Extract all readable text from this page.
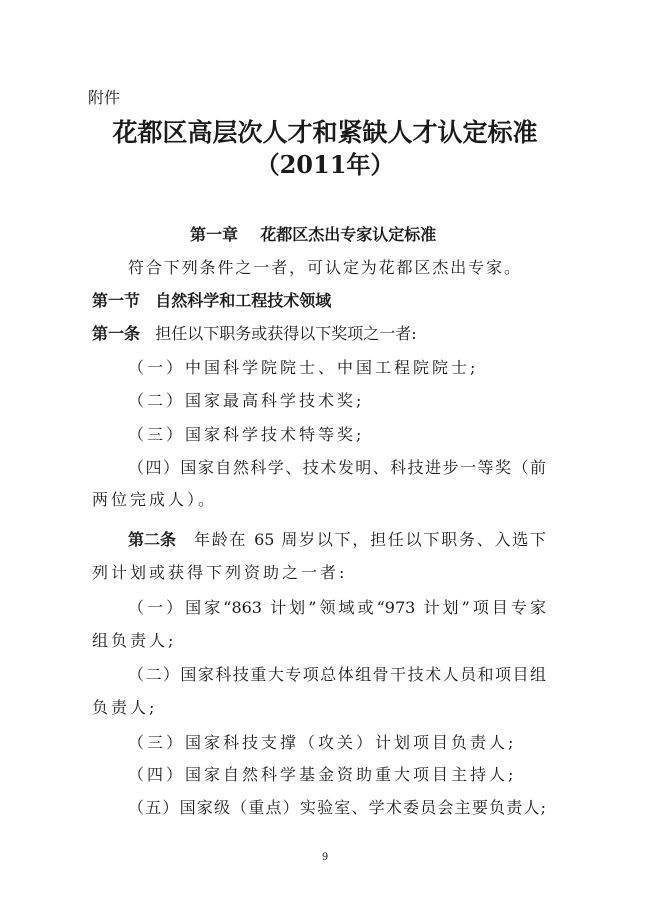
附件
花都区高层次人才和紧缺人才认定标准
（2011年）
第一章 花都区杰出专家认定标准
符合下列条件之一者，可认定为花都区杰出专家。
第一节 自然科学和工程技术领域
第一条 担任以下职务或获得以下奖项之一者:
（一）中国科学院院士、中国工程院院士;
（二）国家最高科学技术奖;
（三）国家科学技术特等奖;
（四）国家自然科学、技术发明、科技进步一等奖（前
两位完成人）。
第二条 年龄在 65 周岁以下，担任以下职务、入选下
列计划或获得下列资助之一者:
（一）国家“863 计划”领域或“973 计划”项目专家
组负责人;
（二）国家科技重大专项总体组骨干技术人员和项目组
负责人;
（三）国家科技支撑（攻关）计划项目负责人;
（四）国家自然科学基金资助重大项目主持人;
（五）国家级（重点）实验室、学术委员会主要负责人;
9
